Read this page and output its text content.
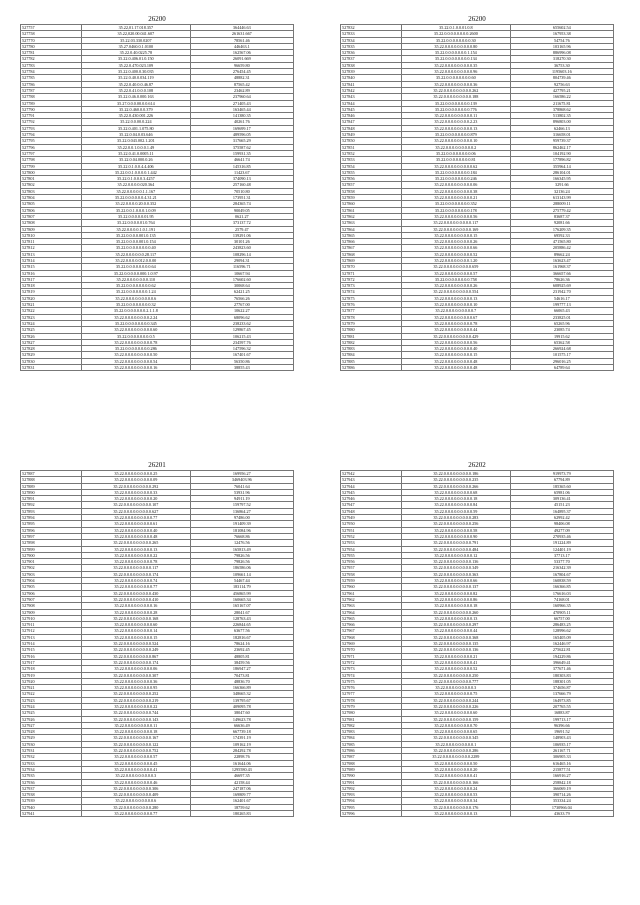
26200
527757	35.22,01.17.018.357	364446.63
527758	35.22,020.00.041.607	261631.667
527770	35.22.03.330.0207	78561.46
527780	35.27.0460.0.1.0100	446463.1
527781	35.22.0.40.0225.78	162567.06
527782	35.22.0.406.01.0.150	26091.669
527783	35.22.0.470.023.109	96659.80
527784	35.22.0.400.0.30.035	276454.45
527785	35.22.0.40.0.034.119	48882.31
527786	35.22.0.40.0.0.46.87	87565.42
527787	35.22.0.41.0.0.0.108	23462.89
527788	35.22.0.46.0.000.163	237960.64
527789	35.27.0.0.0.00.0.0.614	271405.43
527790	35.22.0.460.0.0.379	163465.44
527791	35.22.0.430.001.226	141380.35
527792	35.22.0.0.00.0.224	40261.76
527793	35.22.0.401.1.075.80	169699.17
527794	35.22.0.04.0.03.646	489596.05
527795	35.22.0.043.002.1.201	317665.29
527796	35.22.0.0.1.0.0.0.1.49	375587.62
527797	35.22.0.41.0.0005.11	159931.35
527798	35.22.0.04.000.0.26	46641.74
527799	35.22.0.1.0.0.4.4.406	145316.85
527800	35.22.0.0.1.0.0.0.0.1.442	11423.67
527801	35.22.0.1.0.0.0.3.4257	374090.13
527802	35.22.0.0.0.0.020.364	257160.48
527803	35.22.0.0.0.0.0.1.1.167	70510.80
527804	35.22.0.0.0.0.0.0.4.31.21	173951.31
527805	35.22.0.0.0.0.20.0.0.352	284365.74
527806	35.22.0.0.1.0.0.0.1.0.09	90049.05
527807	35.22.0.0.0.0.0.01.95	0621.27
527808	35.22.0.0.0.0.01.0.764	373137.72
527809	35.22.0.0.0.0.1.0.1.191	2579.47
527810	35.22.0.0.0.0.001.0.135	139291.06
527811	35.22.0.0.0.0.001.0.154	30101.26
527812	35.22.0.0.0.0.0.0.0.0.40	243823.60
527813	35.22.0.0.0.0.0.0.28.117	108296.14
527814	35.22.0.0.0.0.012.0.0.00	29094.31
527815	35.22.0.0.0.0.0.0.0.0.64	116596.71
527816	35.22.0.0.0.0.0.000.1.0.97	10667.94
527817	35.22.0.0.0.0.0.0.0.110	176602.60
527818	35.22.0.0.0.0.0.0.0.0.62	30068.64
527819	35.22.0.0.0.0.0.0.0.1.24	62421.25
527820	35.22.0.0.0.0.0.0.0.0.0.6	76566.26
527821	35.22.0.0.0.0.0.0.0.0.32	27767.00
527822	35.22.0.0.0.0.0.0.0.2.1.1.8	10622.27
527823	35.22.0.0.0.0.0.0.0.0.2.24	68096.62
527824	35.22.0.0.0.0.0.0.0.0.345	238233.62
527825	35.22.0.0.0.0.0.0.0.0.0.60	129867.45
527826	35.22.0.0.0.0.0.0.0.0.5	106215.43
527827	35.22.0.0.0.0.0.0.0.0.0.78	234597.76
527828	35.22.0.0.0.0.0.0.0.0.286	147596.32
527829	35.22.0.0.0.0.0.0.0.0.0.50	167401.67
527830	35.22.0.0.0.0.0.0.0.0.0.54	56350.86
527831	35.22.0.0.0.0.0.0.0.0.0.16	38855.43
26200
527832	35.22.0.1.0.0.01.0.8	655602.54
527833	35.22.0.0.0.0.0.0.0.0.2600	167953.38
527834	35.22.0.0.0.0.0.0.0.0.30	54754.76
527835	35.22.0.0.0.0.0.0.0.0.0.80	103165.96
527836	35.22.0.0.0.0.0.0.0.1.154	886996.08
527837	35.22.0.0.0.0.0.0.0.0.134	318270.30
527838	35.22.0.0.0.0.0.0.0.0.0.35	36753.30
527839	35.22.0.0.0.0.0.0.0.0.0.96	1195603.16
527840	35.22.0.0.0.0.0.0.0.0.60	804739.46
527841	35.22.0.0.0.0.0.0.0.0.0.36	92756.63
527842	35.22.0.0.0.0.0.0.0.0.0.262	427795.21
527843	35.22.0.0.0.0.0.0.0.0.0.188	166586.22
527844	35.22.0.0.0.0.0.0.0.0.139	211675.81
527845	35.22.0.0.0.0.0.0.0.0.776	378868.62
527846	35.22.0.0.0.0.0.0.0.0.0.11	513802.35
527847	35.22.0.0.0.0.0.0.0.0.2.23	896803.00
527848	35.22.0.0.0.0.0.0.0.0.0.13	62466.13
527849	35.22.0.0.0.0.0.0.0.0.879	316658.01
527850	35.22.0.0.0.0.0.0.0.0.0.10	959739.37
527851	35.22.0.0.0.0.0.0.0.0.0.2	862462.17
527852	35.22.0.0.0.0.0.0.0.0.06	104192.90
527853	35.22.0.0.0.0.0.0.0.0.81	177896.82
527854	35.22.0.0.0.0.0.0.0.0.0.62	355964.14
527855	35.22.0.0.0.0.0.0.0.0.184	286104.01
527856	35.22.0.0.0.0.0.0.0.0.246	166345.95
527857	35.22.0.0.0.0.0.0.0.0.0.06	3291.66
527858	35.22.0.0.0.0.0.0.0.0.0.38	32136.24
527859	35.22.0.0.0.0.0.0.0.0.0.21	613143.99
527860	35.22.0.0.0.0.0.0.0.0.352	288009.11
527861	35.22.0.0.0.0.0.0.0.0.178	275779.42
527862	35.22.0.0.0.0.0.0.0.0.0.56	83687.37
527863	35.22.0.0.0.0.0.0.0.0.0.117	92081.66
527864	35.22.0.0.0.0.0.0.0.0.0.169	176209.35
527865	35.22.0.0.0.0.0.0.0.0.0.15	69592.33
527866	35.22.0.0.0.0.0.0.0.0.0.26	471565.80
527867	35.22.0.0.0.0.0.0.0.0.0.66	205886.42
527868	35.22.0.0.0.0.0.0.0.0.0.52	89662.24
527869	35.22.0.0.0.0.0.0.0.0.1.20	163623.47
527870	35.22.0.0.0.0.0.0.0.0.0.659	161968.37
527871	35.22.0.0.0.0.0.0.0.0.0.57	366657.66
527872	35.22.0.0.0.0.0.0.0.0.758	78626.36
527873	35.22.0.0.0.0.0.0.0.0.0.26	608925.69
527874	35.22.0.0.0.0.0.0.0.0.0.554	231942.70
527875	35.22.0.0.0.0.0.0.0.0.0.13	54616.17
527876	35.22.0.0.0.0.0.0.0.0.0.10	199777.13
527877	35.22.0.0.0.0.0.0.0.0.0.7	66065.43
527878	35.22.0.0.0.0.0.0.0.0.0.67	233825.01
527879	35.22.0.0.0.0.0.0.0.0.0.78	65265.96
527880	35.22.0.0.0.0.0.0.0.0.0.44	23085.74
527881	35.22.0.0.0.0.0.0.0.0.0.429	19915.62
527882	35.22.0.0.0.0.0.0.0.0.0.56	65362.58
527883	35.22.0.0.0.0.0.0.0.0.0.40	266924.68
527884	35.22.0.0.0.0.0.0.0.0.0.15	101575.17
527885	35.22.0.0.0.0.0.0.0.0.0.48	296016.25
527886	35.22.0.0.0.0.0.0.0.0.0.48	64789.64
26201
527887	35.22.0.0.0.0.0.0.0.0.0.25	169956.27
527888	35.22.0.0.0.0.0.0.0.0.0.09	3469403.96
527889	35.22.0.0.0.0.0.0.0.0.0.292	76041.64
527890	35.22.0.0.0.0.0.0.0.0.0.33	53931.96
527891	35.22.0.0.0.0.0.0.0.0.0.20	94911.19
527892	35.22.0.0.0.0.0.0.0.0.0.107	159797.52
527893	35.22.0.0.0.0.0.0.0.0.0.627	136864.27
527894	35.22.0.0.0.0.0.0.0.0.0.77	97486.00
527895	35.22.0.0.0.0.0.0.0.0.0.61	191409.39
527896	35.22.0.0.0.0.0.0.0.0.0.40	181084.96
527897	35.22.0.0.0.0.0.0.0.0.0.48	76668.86
527898	35.22.0.0.0.0.0.0.0.0.0.265	12476.56
527899	35.22.0.0.0.0.0.0.0.0.0.13	165813.49
527900	35.22.0.0.0.0.0.0.0.0.0.22	79826.56
527901	35.22.0.0.0.0.0.0.0.0.0.78	79826.56
527902	35.22.0.0.0.0.0.0.0.0.0.117	186586.06
527903	35.22.0.0.0.0.0.0.0.0.0.174	109661.14
527904	35.22.0.0.0.0.0.0.0.0.0.74	54467.44
527905	35.22.0.0.0.0.0.0.0.0.0.77	183114.79
527906	35.22.0.0.0.0.0.0.0.0.0.430	456865.99
527907	35.22.0.0.0.0.0.0.0.0.0.410	160665.34
527908	35.22.0.0.0.0.0.0.0.0.0.16	165167.07
527909	35.22.0.0.0.0.0.0.0.0.0.28	28041.67
527910	35.22.0.0.0.0.0.0.0.0.0.168	128763.43
527911	35.22.0.0.0.0.0.0.0.0.0.60	226844.65
527912	35.22.0.0.0.0.0.0.0.0.0.14	63677.56
527913	35.22.0.0.0.0.0.0.0.0.0.15	182816.67
527914	35.22.0.0.0.0.0.0.0.0.0.524	78624.16
527915	35.22.0.0.0.0.0.0.0.0.0.249	23692.45
527916	35.22.0.0.0.0.0.0.0.0.0.867	48805.81
527917	35.22.0.0.0.0.0.0.0.0.0.174	38459.56
527918	35.22.0.0.0.0.0.0.0.0.0.06	186947.27
527919	35.22.0.0.0.0.0.0.0.0.0.307	70473.81
527920	35.22.0.0.0.0.0.0.0.0.0.36	48836.70
527921	35.22.0.0.0.0.0.0.0.0.0.95	166366.89
527922	35.22.0.0.0.0.0.0.0.0.0.252	348665.32
527923	35.22.0.0.0.0.0.0.0.0.0.219	139795.67
527924	35.22.0.0.0.0.0.0.0.0.0.22	409095.78
527925	35.22.0.0.0.0.0.0.0.0.0.744	38047.60
527926	35.22.0.0.0.0.0.0.0.0.0.143	149623.78
527927	35.22.0.0.0.0.0.0.0.0.0.11	66636.49
527928	35.22.0.0.0.0.0.0.0.0.0.18	667739.18
527929	35.22.0.0.0.0.0.0.0.0.0.167	174391.19
527930	35.22.0.0.0.0.0.0.0.0.0.122	109162.19
527931	35.22.0.0.0.0.0.0.0.0.0.752	284292.78
527932	35.22.0.0.0.0.0.0.0.0.0.57	22898.76
527933	35.22.0.0.0.0.0.0.0.0.0.45	161644.06
527934	35.22.0.0.0.0.0.0.0.0.0.41	1295580.43
527935	35.22.0.0.0.0.0.0.0.0.0.3	46697.35
527936	35.22.0.0.0.0.0.0.0.0.0.46	42158.44
527937	35.22.0.0.0.0.0.0.0.0.0.306	247187.06
527938	35.22.0.0.0.0.0.0.0.0.0.409	169809.77
527939	35.22.0.0.0.0.0.0.0.0.0.6	162401.67
527940	35.22.0.0.0.0.0.0.0.0.0.280	18759.62
527941	35.22.0.0.0.0.0.0.0.0.0.77	180265.83
26202
527942	35.22.0.0.0.0.0.0.0.0.0.186	919973.79
527943	35.22.0.0.0.0.0.0.0.0.0.235	67794.89
527944	35.22.0.0.0.0.0.0.0.0.0.266	185365.60
527945	35.22.0.0.0.0.0.0.0.0.0.68	65981.06
527946	35.22.0.0.0.0.0.0.0.0.0.18	309136.41
527947	35.22.0.0.0.0.0.0.0.0.0.84	45151.23
527948	35.22.0.0.0.0.0.0.0.0.0.59	164895.37
527949	35.22.0.0.0.0.0.0.0.0.0.283	62992.42
527950	35.22.0.0.0.0.0.0.0.0.0.256	98406.08
527951	35.22.0.0.0.0.0.0.0.0.0.58	49277.09
527952	35.22.0.0.0.0.0.0.0.0.0.90	270935.46
527953	35.22.0.0.0.0.0.0.0.0.0.791	191224.89
527954	35.22.0.0.0.0.0.0.0.0.0.484	124401.19
527955	35.22.0.0.0.0.0.0.0.0.0.12	37713.17
527956	35.22.0.0.0.0.0.0.0.0.0.136	53377.70
527957	35.22.0.0.0.0.0.0.0.0.0.349	216342.39
527958	35.22.0.0.0.0.0.0.0.0.0.363	167804.67
527959	35.22.0.0.0.0.0.0.0.0.0.66	160838.59
527960	35.22.0.0.0.0.0.0.0.0.0.137	166366.85
527961	35.22.0.0.0.0.0.0.0.0.0.82	176616.03
527962	35.22.0.0.0.0.0.0.0.0.0.86	74168.01
527963	35.22.0.0.0.0.0.0.0.0.0.18	160966.35
527964	35.22.0.0.0.0.0.0.0.0.0.260	470905.11
527965	35.22.0.0.0.0.0.0.0.0.0.13	66757.00
527966	35.22.0.0.0.0.0.0.0.0.0.297	286483.25
527967	35.22.0.0.0.0.0.0.0.0.0.44	128996.62
527968	35.22.0.0.0.0.0.0.0.0.0.368	165405.09
527969	35.22.0.0.0.0.0.0.0.0.0.135	162446.97
527970	35.22.0.0.0.0.0.0.0.0.0.136	275622.81
527971	35.22.0.0.0.0.0.0.0.0.0.21	194229.86
527972	35.22.0.0.0.0.0.0.0.0.0.41	396649.41
527973	35.22.0.0.0.0.0.0.0.0.0.52	377671.46
527974	35.22.0.0.0.0.0.0.0.0.0.250	180303.83
527975	35.22.0.0.0.0.0.0.0.0.0.777	188301.05
527976	35.22.0.0.0.0.0.0.0.0.0.3	374656.87
527977	35.22.0.0.0.0.0.0.0.0.0.75	137666.79
527978	35.22.0.0.0.0.0.0.0.0.0.244	164973.85
527979	35.22.0.0.0.0.0.0.0.0.0.226	207765.55
527980	35.22.0.0.0.0.0.0.0.0.0.60	16883.87
527981	35.22.0.0.0.0.0.0.0.0.0.159	199713.17
527982	35.22.0.0.0.0.0.0.0.0.0.70	96396.66
527983	35.22.0.0.0.0.0.0.0.0.0.65	19691.52
527984	35.22.0.0.0.0.0.0.0.0.0.345	148903.43
527985	35.22.0.0.0.0.0.0.0.0.0.1	106935.17
527986	35.22.0.0.0.0.0.0.0.0.0.286	261167.71
527987	35.22.0.0.0.0.0.0.0.0.0.2289	306905.33
527988	35.22.0.0.0.0.0.0.0.0.0.50	616465.16
527989	35.22.0.0.0.0.0.0.0.0.0.20	215877.51
527990	35.22.0.0.0.0.0.0.0.0.0.41	166916.27
527991	35.22.0.0.0.0.0.0.0.0.0.166	258842.18
527992	35.22.0.0.0.0.0.0.0.0.0.24	366069.19
527993	35.22.0.0.0.0.0.0.0.0.0.53	390714.26
527994	35.22.0.0.0.0.0.0.0.0.0.34	353334.24
527995	35.22.0.0.0.0.0.0.0.0.0.176	1730966.04
527996	35.22.0.0.0.0.0.0.0.0.0.13	43633.79
